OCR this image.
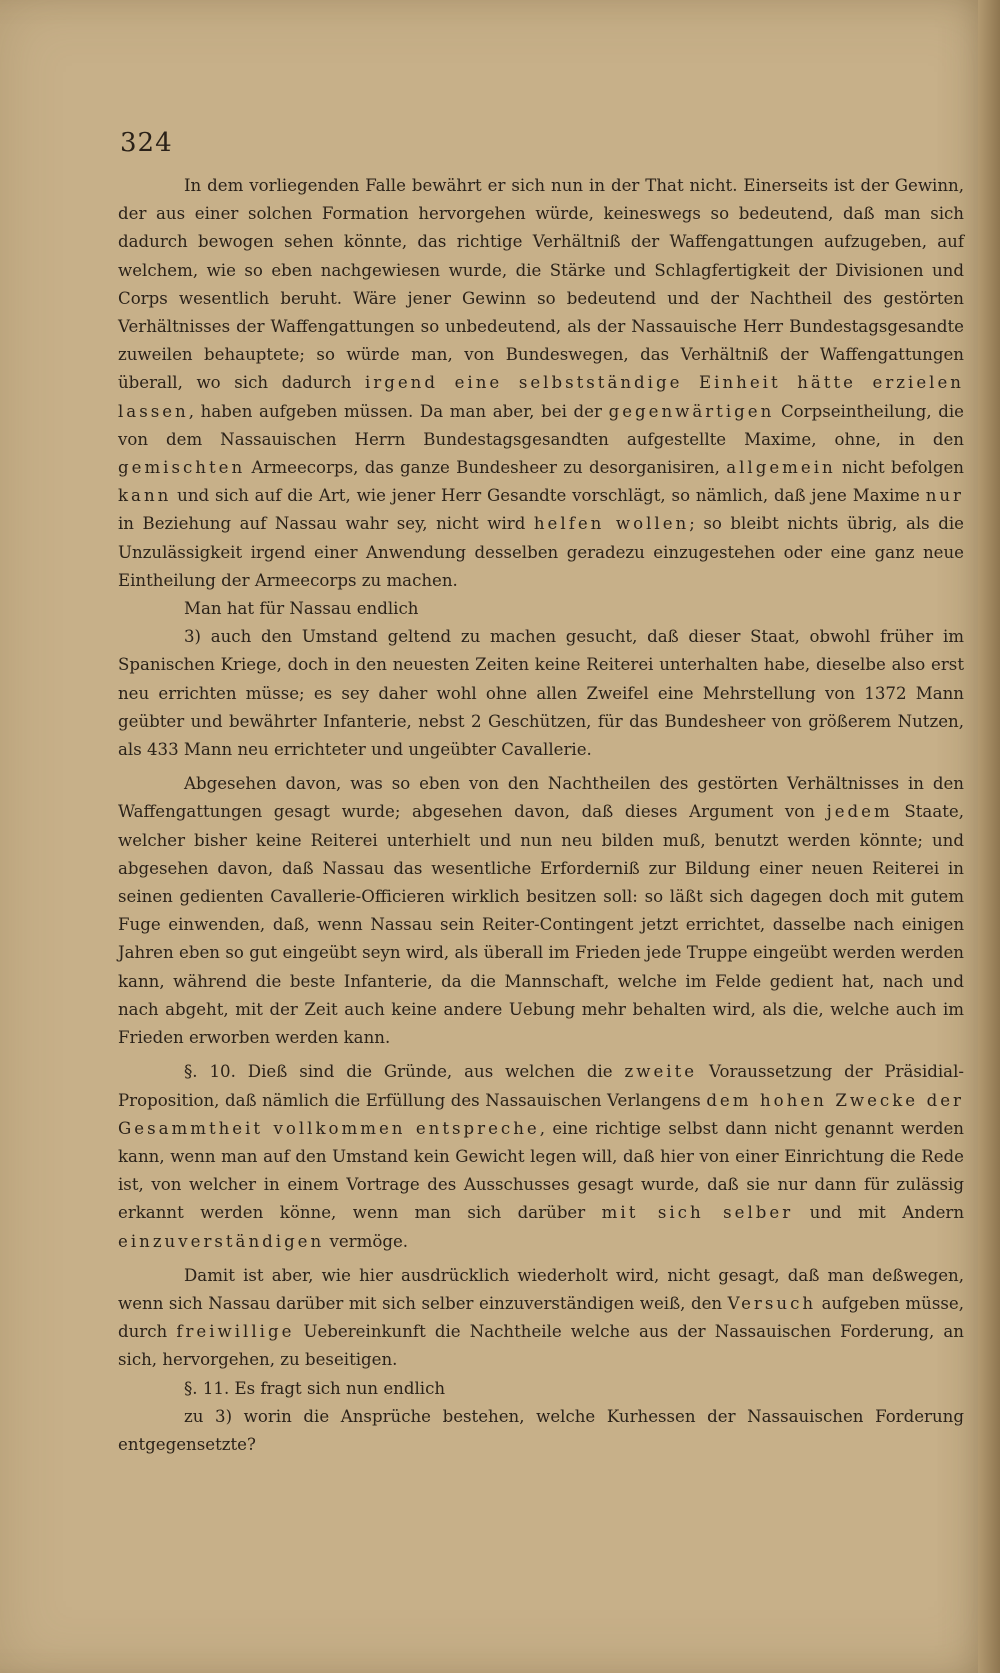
324

In dem vorliegenden Falle bewährt er sich nun in der That nicht. Einerseits ist der Gewinn, der aus einer solchen Formation hervorgehen würde, keineswegs so bedeutend, daß man sich dadurch bewogen sehen könnte, das richtige Verhältniß der Waffengattungen aufzugeben, auf welchem, wie so eben nachgewiesen wurde, die Stärke und Schlagfertigkeit der Divisionen und Corps wesentlich beruht. Wäre jener Gewinn so bedeutend und der Nachtheil des gestörten Verhältnisses der Waffengattungen so unbedeutend, als der Nassauische Herr Bundestagsgesandte zuweilen behauptete; so würde man, von Bundeswegen, das Verhältniß der Waffengattungen überall, wo sich dadurch irgend eine selbstständige Einheit hätte erzielen lassen, haben aufgeben müssen. Da man aber, bei der gegenwärtigen Corpseintheilung, die von dem Nassauischen Herrn Bundestagsgesandten aufgestellte Maxime, ohne, in den gemischten Armeecorps, das ganze Bundesheer zu desorganisiren, allgemein nicht befolgen kann und sich auf die Art, wie jener Herr Gesandte vorschlägt, so nämlich, daß jene Maxime nur in Beziehung auf Nassau wahr sey, nicht wird helfen wollen; so bleibt nichts übrig, als die Unzulässigkeit irgend einer Anwendung desselben geradezu einzugestehen oder eine ganz neue Eintheilung der Armeecorps zu machen.

Man hat für Nassau endlich

3) auch den Umstand geltend zu machen gesucht, daß dieser Staat, obwohl früher im Spanischen Kriege, doch in den neuesten Zeiten keine Reiterei unterhalten habe, dieselbe also erst neu errichten müsse; es sey daher wohl ohne allen Zweifel eine Mehrstellung von 1372 Mann geübter und bewährter Infanterie, nebst 2 Geschützen, für das Bundesheer von größerem Nutzen, als 433 Mann neu errichteter und ungeübter Cavallerie.

Abgesehen davon, was so eben von den Nachtheilen des gestörten Verhältnisses in den Waffengattungen gesagt wurde; abgesehen davon, daß dieses Argument von jedem Staate, welcher bisher keine Reiterei unterhielt und nun neu bilden muß, benutzt werden könnte; und abgesehen davon, daß Nassau das wesentliche Erforderniß zur Bildung einer neuen Reiterei in seinen gedienten Cavallerie-Officieren wirklich besitzen soll: so läßt sich dagegen doch mit gutem Fuge einwenden, daß, wenn Nassau sein Reiter-Contingent jetzt errichtet, dasselbe nach einigen Jahren eben so gut eingeübt seyn wird, als überall im Frieden jede Truppe eingeübt werden werden kann, während die beste Infanterie, da die Mannschaft, welche im Felde gedient hat, nach und nach abgeht, mit der Zeit auch keine andere Uebung mehr behalten wird, als die, welche auch im Frieden erworben werden kann.

§. 10. Dieß sind die Gründe, aus welchen die zweite Voraussetzung der Präsidial-Proposition, daß nämlich die Erfüllung des Nassauischen Verlangens dem hohen Zwecke der Gesammtheit vollkommen entspreche, eine richtige selbst dann nicht genannt werden kann, wenn man auf den Umstand kein Gewicht legen will, daß hier von einer Einrichtung die Rede ist, von welcher in einem Vortrage des Ausschusses gesagt wurde, daß sie nur dann für zulässig erkannt werden könne, wenn man sich darüber mit sich selber und mit Andern einzuverständigen vermöge.

Damit ist aber, wie hier ausdrücklich wiederholt wird, nicht gesagt, daß man deßwegen, wenn sich Nassau darüber mit sich selber einzuverständigen weiß, den Versuch aufgeben müsse, durch freiwillige Uebereinkunft die Nachtheile welche aus der Nassauischen Forderung, an sich, hervorgehen, zu beseitigen.

§. 11. Es fragt sich nun endlich

zu 3) worin die Ansprüche bestehen, welche Kurhessen der Nassauischen Forderung entgegensetzte?
